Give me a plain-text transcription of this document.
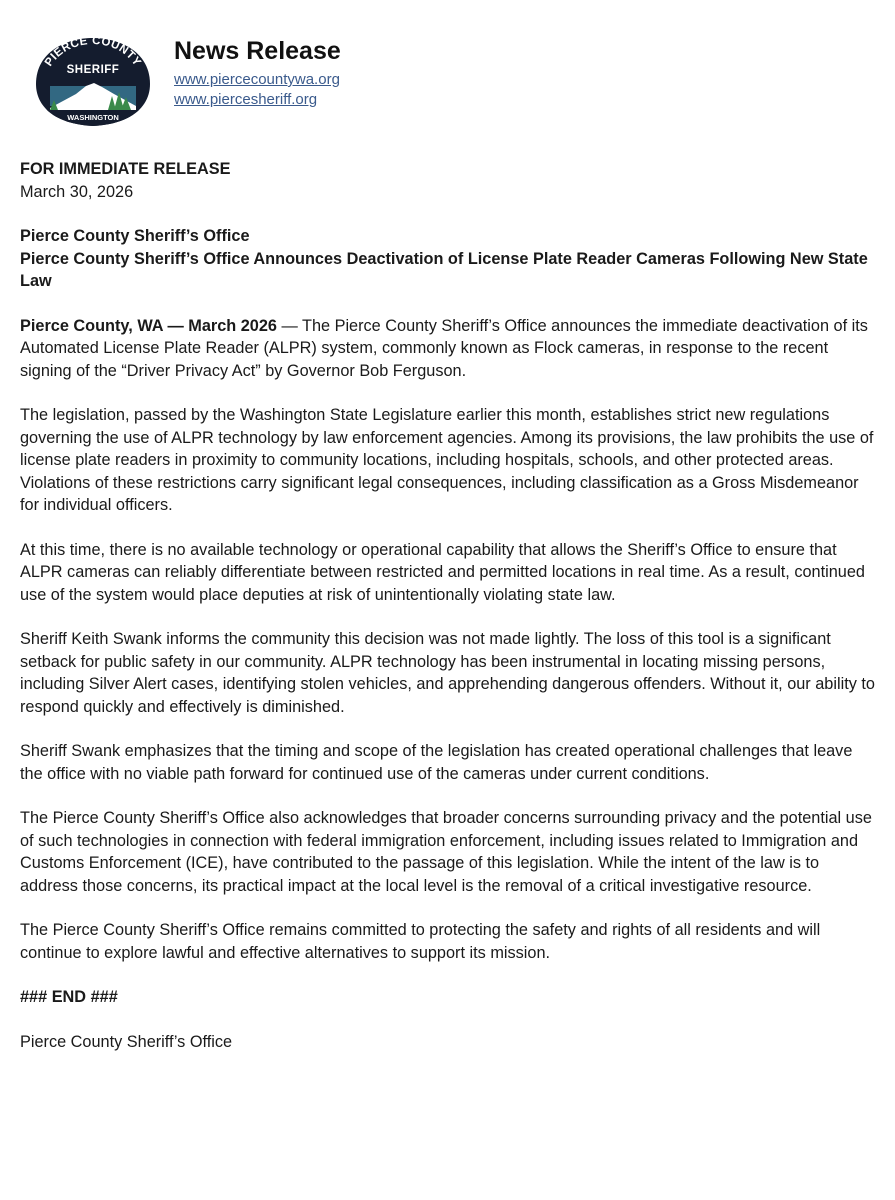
PIERCE COUNTY
SHERIFF
WASHINGTON
News Release
www.piercecountywa.org
www.piercesheriff.org

FOR IMMEDIATE RELEASE

March 30, 2026

Pierce County Sheriff’s Office

Pierce County Sheriff’s Office Announces Deactivation of License Plate Reader Cameras Following New State Law

Pierce County, WA — March 2026 — The Pierce County Sheriff’s Office announces the immediate deactivation of its Automated License Plate Reader (ALPR) system, commonly known as Flock cameras, in response to the recent signing of the “Driver Privacy Act” by Governor Bob Ferguson.

The legislation, passed by the Washington State Legislature earlier this month, establishes strict new regulations governing the use of ALPR technology by law enforcement agencies. Among its provisions, the law prohibits the use of license plate readers in proximity to community locations, including hospitals, schools, and other protected areas. Violations of these restrictions carry significant legal consequences, including classification as a Gross Misdemeanor for individual officers.

At this time, there is no available technology or operational capability that allows the Sheriff’s Office to ensure that ALPR cameras can reliably differentiate between restricted and permitted locations in real time. As a result, continued use of the system would place deputies at risk of unintentionally violating state law.

Sheriff Keith Swank informs the community this decision was not made lightly. The loss of this tool is a significant setback for public safety in our community. ALPR technology has been instrumental in locating missing persons, including Silver Alert cases, identifying stolen vehicles, and apprehending dangerous offenders. Without it, our ability to respond quickly and effectively is diminished.

Sheriff Swank emphasizes that the timing and scope of the legislation has created operational challenges that leave the office with no viable path forward for continued use of the cameras under current conditions.

The Pierce County Sheriff’s Office also acknowledges that broader concerns surrounding privacy and the potential use of such technologies in connection with federal immigration enforcement, including issues related to Immigration and Customs Enforcement (ICE), have contributed to the passage of this legislation. While the intent of the law is to address those concerns, its practical impact at the local level is the removal of a critical investigative resource.

The Pierce County Sheriff’s Office remains committed to protecting the safety and rights of all residents and will continue to explore lawful and effective alternatives to support its mission.

### END ###

Pierce County Sheriff’s Office
